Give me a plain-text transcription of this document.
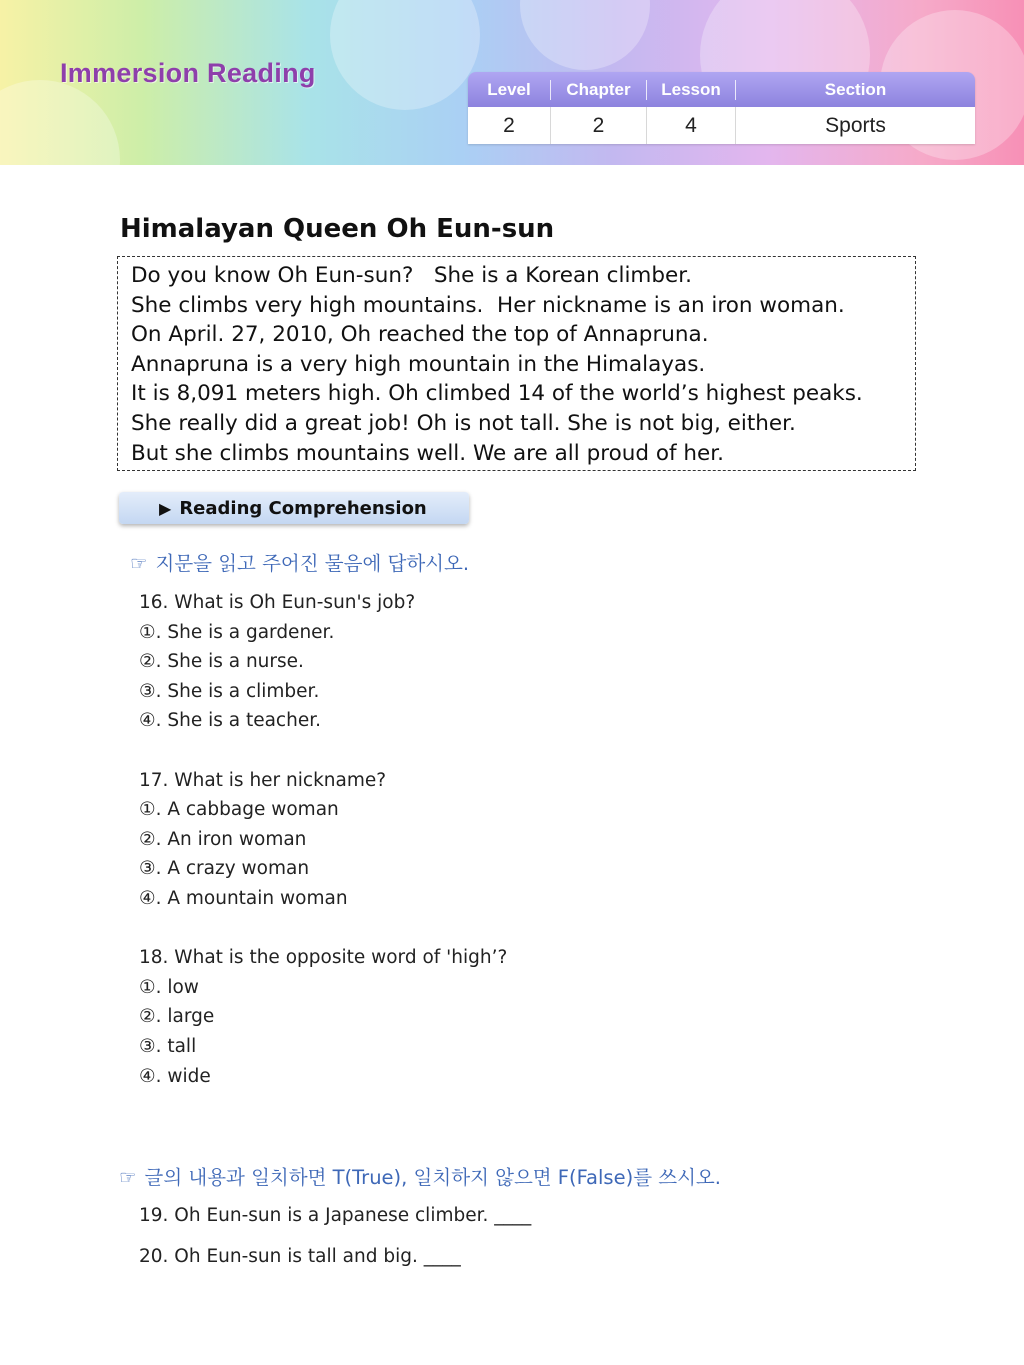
Immersion Reading
Level	Chapter	Lesson	Section
2	2	4	Sports
Himalayan Queen Oh Eun-sun
Do you know Oh Eun-sun?   She is a Korean climber.
She climbs very high mountains.  Her nickname is an iron woman.
On April. 27, 2010, Oh reached the top of Annapruna.
Annapruna is a very high mountain in the Himalayas.
It is 8,091 meters high. Oh climbed 14 of the world’s highest peaks.
She really did a great job! Oh is not tall. She is not big, either.
But she climbs mountains well. We are all proud of her.
▶ Reading Comprehension
☞ 지문을 읽고 주어진 물음에 답하시오.
16. What is Oh Eun-sun's job?
①. She is a gardener.
②. She is a nurse.
③. She is a climber.
④. She is a teacher.
17. What is her nickname?
①. A cabbage woman
②. An iron woman
③. A crazy woman
④. A mountain woman
18. What is the opposite word of 'high’?
①. low
②. large
③. tall
④. wide
☞ 글의 내용과 일치하면 T(True), 일치하지 않으면 F(False)를 쓰시오.
19. Oh Eun-sun is a Japanese climber. ____
20. Oh Eun-sun is tall and big. ____
